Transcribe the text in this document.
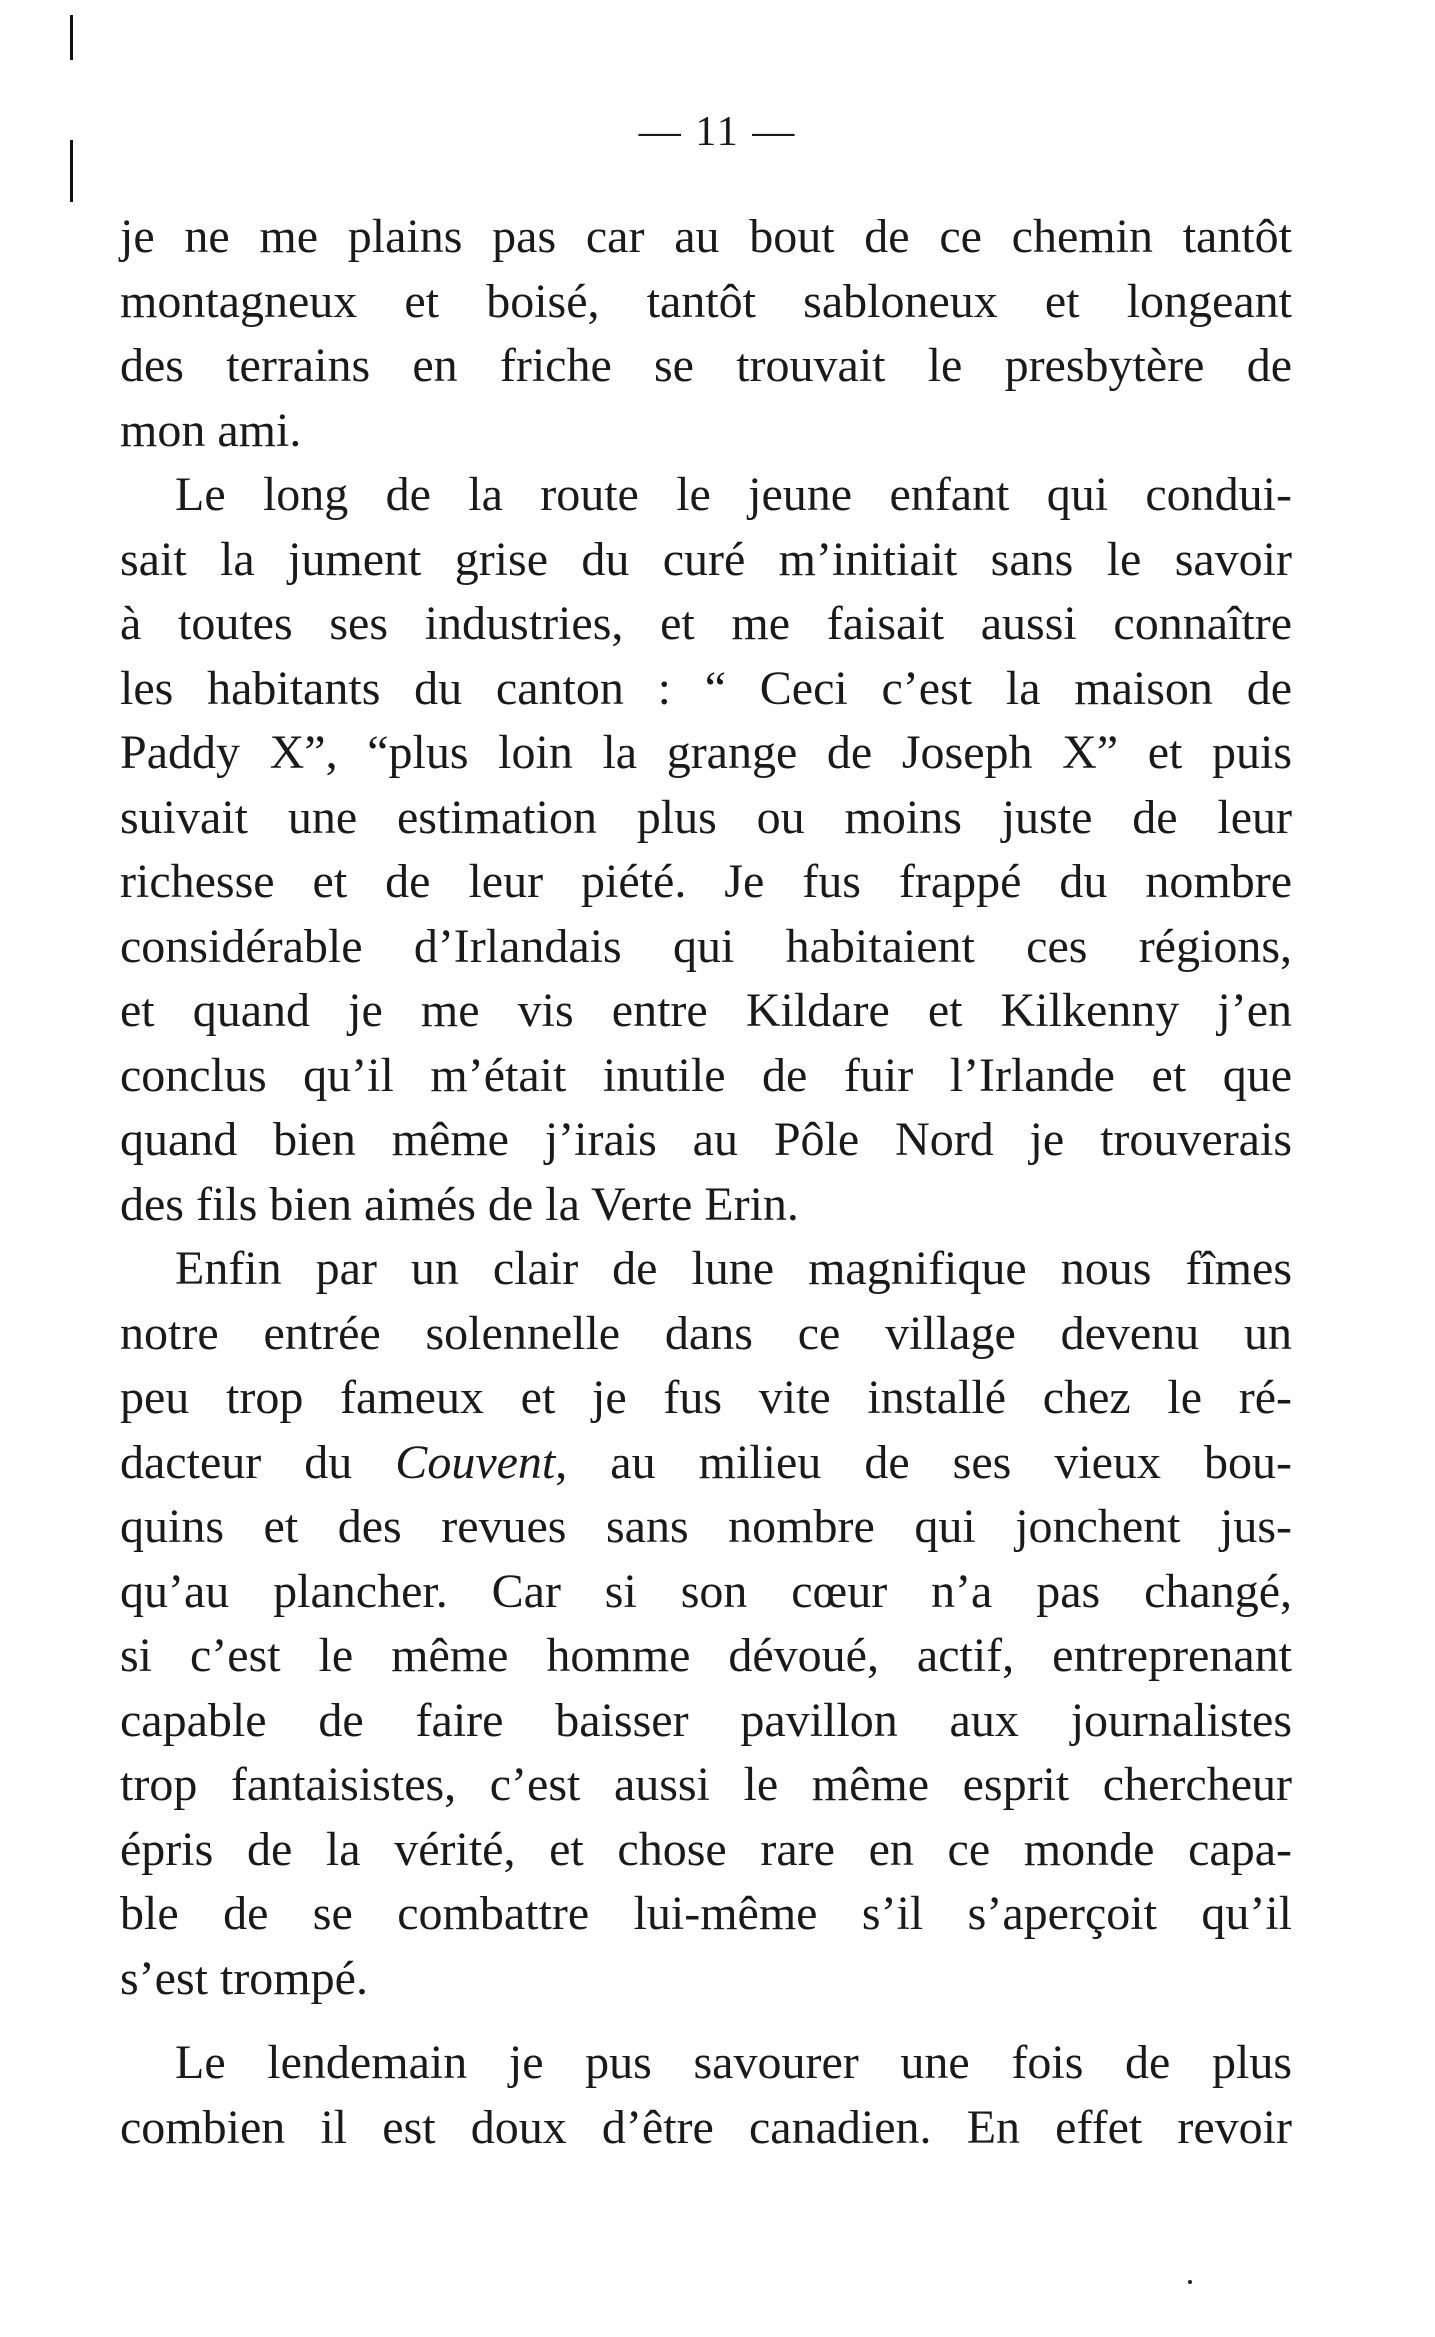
— 11 —
je ne me plains pas car au bout de ce chemin tantôt
montagneux et boisé, tantôt sabloneux et longeant
des terrains en friche se trouvait le presbytère de
mon ami.
Le long de la route le jeune enfant qui condui-
sait la jument grise du curé m’initiait sans le savoir
à toutes ses industries, et me faisait aussi connaître
les habitants du canton : “ Ceci c’est la maison de
Paddy X”, “plus loin la grange de Joseph X” et puis
suivait une estimation plus ou moins juste de leur
richesse et de leur piété. Je fus frappé du nombre
considérable d’Irlandais qui habitaient ces régions,
et quand je me vis entre Kildare et Kilkenny j’en
conclus qu’il m’était inutile de fuir l’Irlande et que
quand bien même j’irais au Pôle Nord je trouverais
des fils bien aimés de la Verte Erin.
Enfin par un clair de lune magnifique nous fîmes
notre entrée solennelle dans ce village devenu un
peu trop fameux et je fus vite installé chez le ré-
dacteur du Couvent, au milieu de ses vieux bou-
quins et des revues sans nombre qui jonchent jus-
qu’au plancher. Car si son cœur n’a pas changé,
si c’est le même homme dévoué, actif, entreprenant
capable de faire baisser pavillon aux journalistes
trop fantaisistes, c’est aussi le même esprit chercheur
épris de la vérité, et chose rare en ce monde capa-
ble de se combattre lui-même s’il s’aperçoit qu’il
s’est trompé.
Le lendemain je pus savourer une fois de plus
combien il est doux d’être canadien. En effet revoir
